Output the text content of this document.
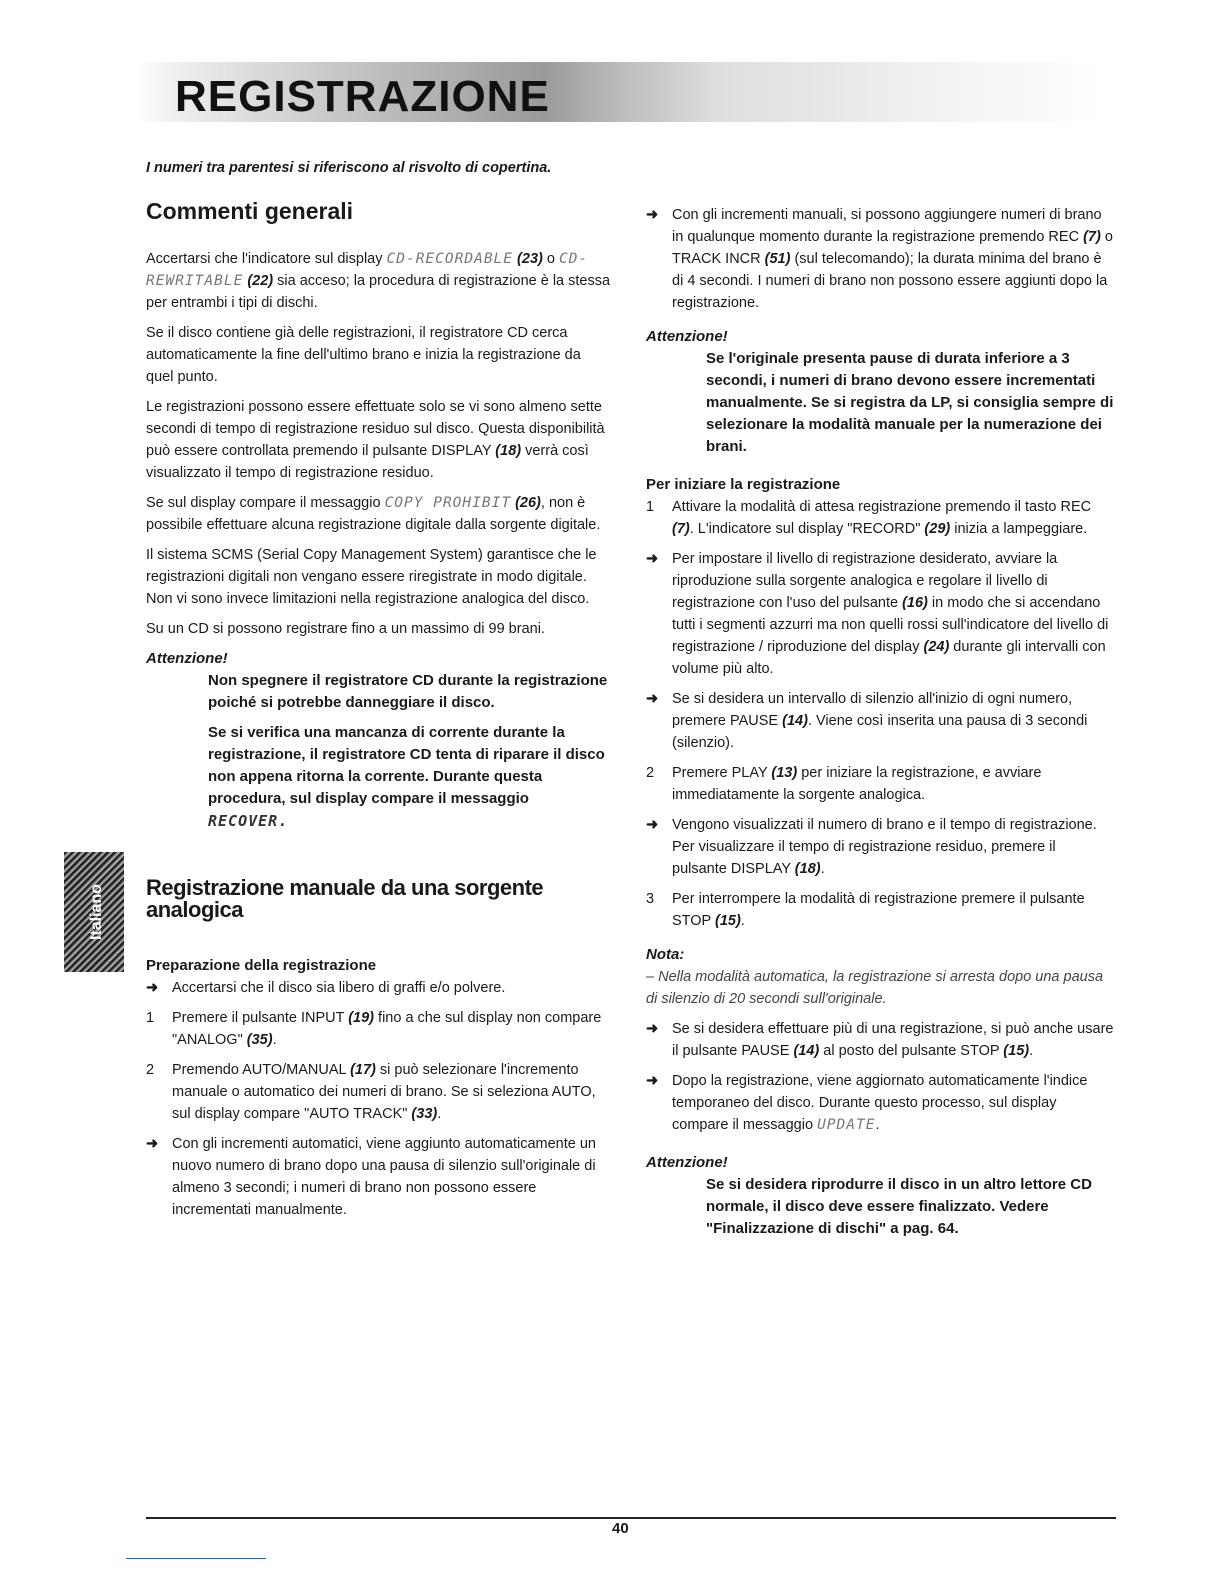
REGISTRAZIONE
I numeri tra parentesi si riferiscono al risvolto di copertina.
Italiano
Commenti generali

Accertarsi che l'indicatore sul display CD-RECORDABLE (23) o CD-REWRITABLE (22) sia acceso; la procedura di registrazione è la stessa per entrambi i tipi di dischi.

Se il disco contiene già delle registrazioni, il registratore CD cerca automaticamente la fine dell'ultimo brano e inizia la registrazione da quel punto.

Le registrazioni possono essere effettuate solo se vi sono almeno sette secondi di tempo di registrazione residuo sul disco. Questa disponibilità può essere controllata premendo il pulsante DISPLAY (18) verrà così visualizzato il tempo di registrazione residuo.

Se sul display compare il messaggio COPY PROHIBIT (26), non è possibile effettuare alcuna registrazione digitale dalla sorgente digitale.

Il sistema SCMS (Serial Copy Management System) garantisce che le registrazioni digitali non vengano essere riregistrate in modo digitale. Non vi sono invece limitazioni nella registrazione analogica del disco.

Su un CD si possono registrare fino a un massimo di 99 brani.

Attenzione!

Non spegnere il registratore CD durante la registrazione poiché si potrebbe danneggiare il disco.

Se si verifica una mancanza di corrente durante la registrazione, il registratore CD tenta di riparare il disco non appena ritorna la corrente. Durante questa procedura, sul display compare il messaggio
RECOVER.

Registrazione manuale da una sorgente analogica
Preparazione della registrazione
➜ Accertarsi che il disco sia libero di graffi e/o polvere.
1	Premere il pulsante INPUT (19) fino a che sul display non compare "ANALOG" (35).
2	Premendo AUTO/MANUAL (17) si può selezionare l'incremento manuale o automatico dei numeri di brano. Se si seleziona AUTO, sul display compare "AUTO TRACK" (33).
➜ Con gli incrementi automatici, viene aggiunto automaticamente un nuovo numero di brano dopo una pausa di silenzio sull'originale di almeno 3 secondi; i numeri di brano non possono essere incrementati manualmente.
➜ Con gli incrementi manuali, si possono aggiungere numeri di brano in qualunque momento durante la registrazione premendo REC (7) o TRACK INCR (51) (sul telecomando); la durata minima del brano è di 4 secondi. I numeri di brano non possono essere aggiunti dopo la registrazione.
Attenzione!

Se l'originale presenta pause di durata inferiore a 3 secondi, i numeri di brano devono essere incrementati manualmente. Se si registra da LP, si consiglia sempre di selezionare la modalità manuale per la numerazione dei brani.

Per iniziare la registrazione
1	Attivare la modalità di attesa registrazione premendo il tasto REC (7). L'indicatore sul display "RECORD" (29) inizia a lampeggiare.
➜ Per impostare il livello di registrazione desiderato, avviare la riproduzione sulla sorgente analogica e regolare il livello di registrazione con l'uso del pulsante (16) in modo che si accendano tutti i segmenti azzurri ma non quelli rossi sull'indicatore del livello di registrazione / riproduzione del display (24) durante gli intervalli con volume più alto.
➜ Se si desidera un intervallo di silenzio all'inizio di ogni numero, premere PAUSE (14). Viene così inserita una pausa di 3 secondi (silenzio).
2	Premere PLAY (13) per iniziare la registrazione, e avviare immediatamente la sorgente analogica.
➜ Vengono visualizzati il numero di brano e il tempo di registrazione. Per visualizzare il tempo di registrazione residuo, premere il pulsante DISPLAY (18).
3	Per interrompere la modalità di registrazione premere il pulsante STOP (15).
Nota:

– Nella modalità automatica, la registrazione si arresta dopo una pausa di silenzio di 20 secondi sull'originale.

➜ Se si desidera effettuare più di una registrazione, si può anche usare il pulsante PAUSE (14) al posto del pulsante STOP (15).
➜ Dopo la registrazione, viene aggiornato automaticamente l'indice temporaneo del disco. Durante questo processo, sul display compare il messaggio UPDATE.
Attenzione!

Se si desidera riprodurre il disco in un altro lettore CD normale, il disco deve essere finalizzato. Vedere "Finalizzazione di dischi" a pag. 64.

40
